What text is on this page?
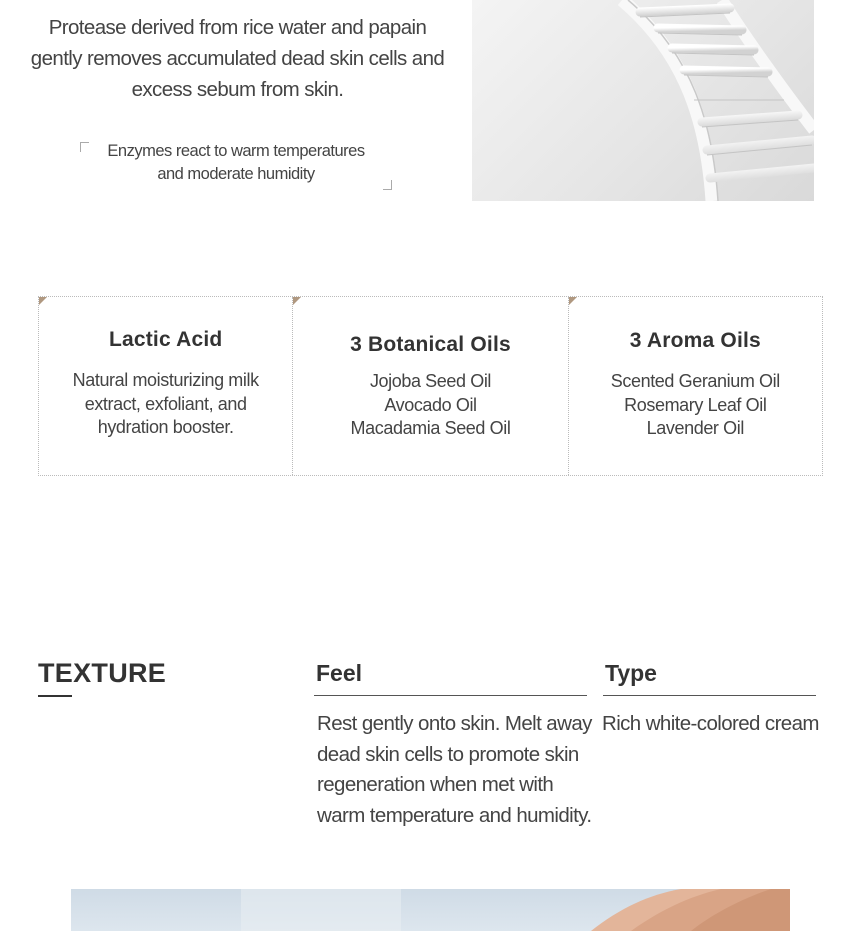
Protease derived from rice water and papain gently removes accumulated dead skin cells and excess sebum from skin.
Enzymes react to warm temperatures
and moderate humidity
Lactic Acid
Natural moisturizing milk extract, exfoliant, and hydration booster.
3 Botanical Oils
Jojoba Seed Oil
Avocado Oil
Macadamia Seed Oil
3 Aroma Oils
Scented Geranium Oil
Rosemary Leaf Oil
Lavender Oil
TEXTURE	Feel
Rest gently onto skin. Melt away dead skin cells to promote skin regeneration when met with warm temperature and humidity.
Type
Rich white-colored cream
